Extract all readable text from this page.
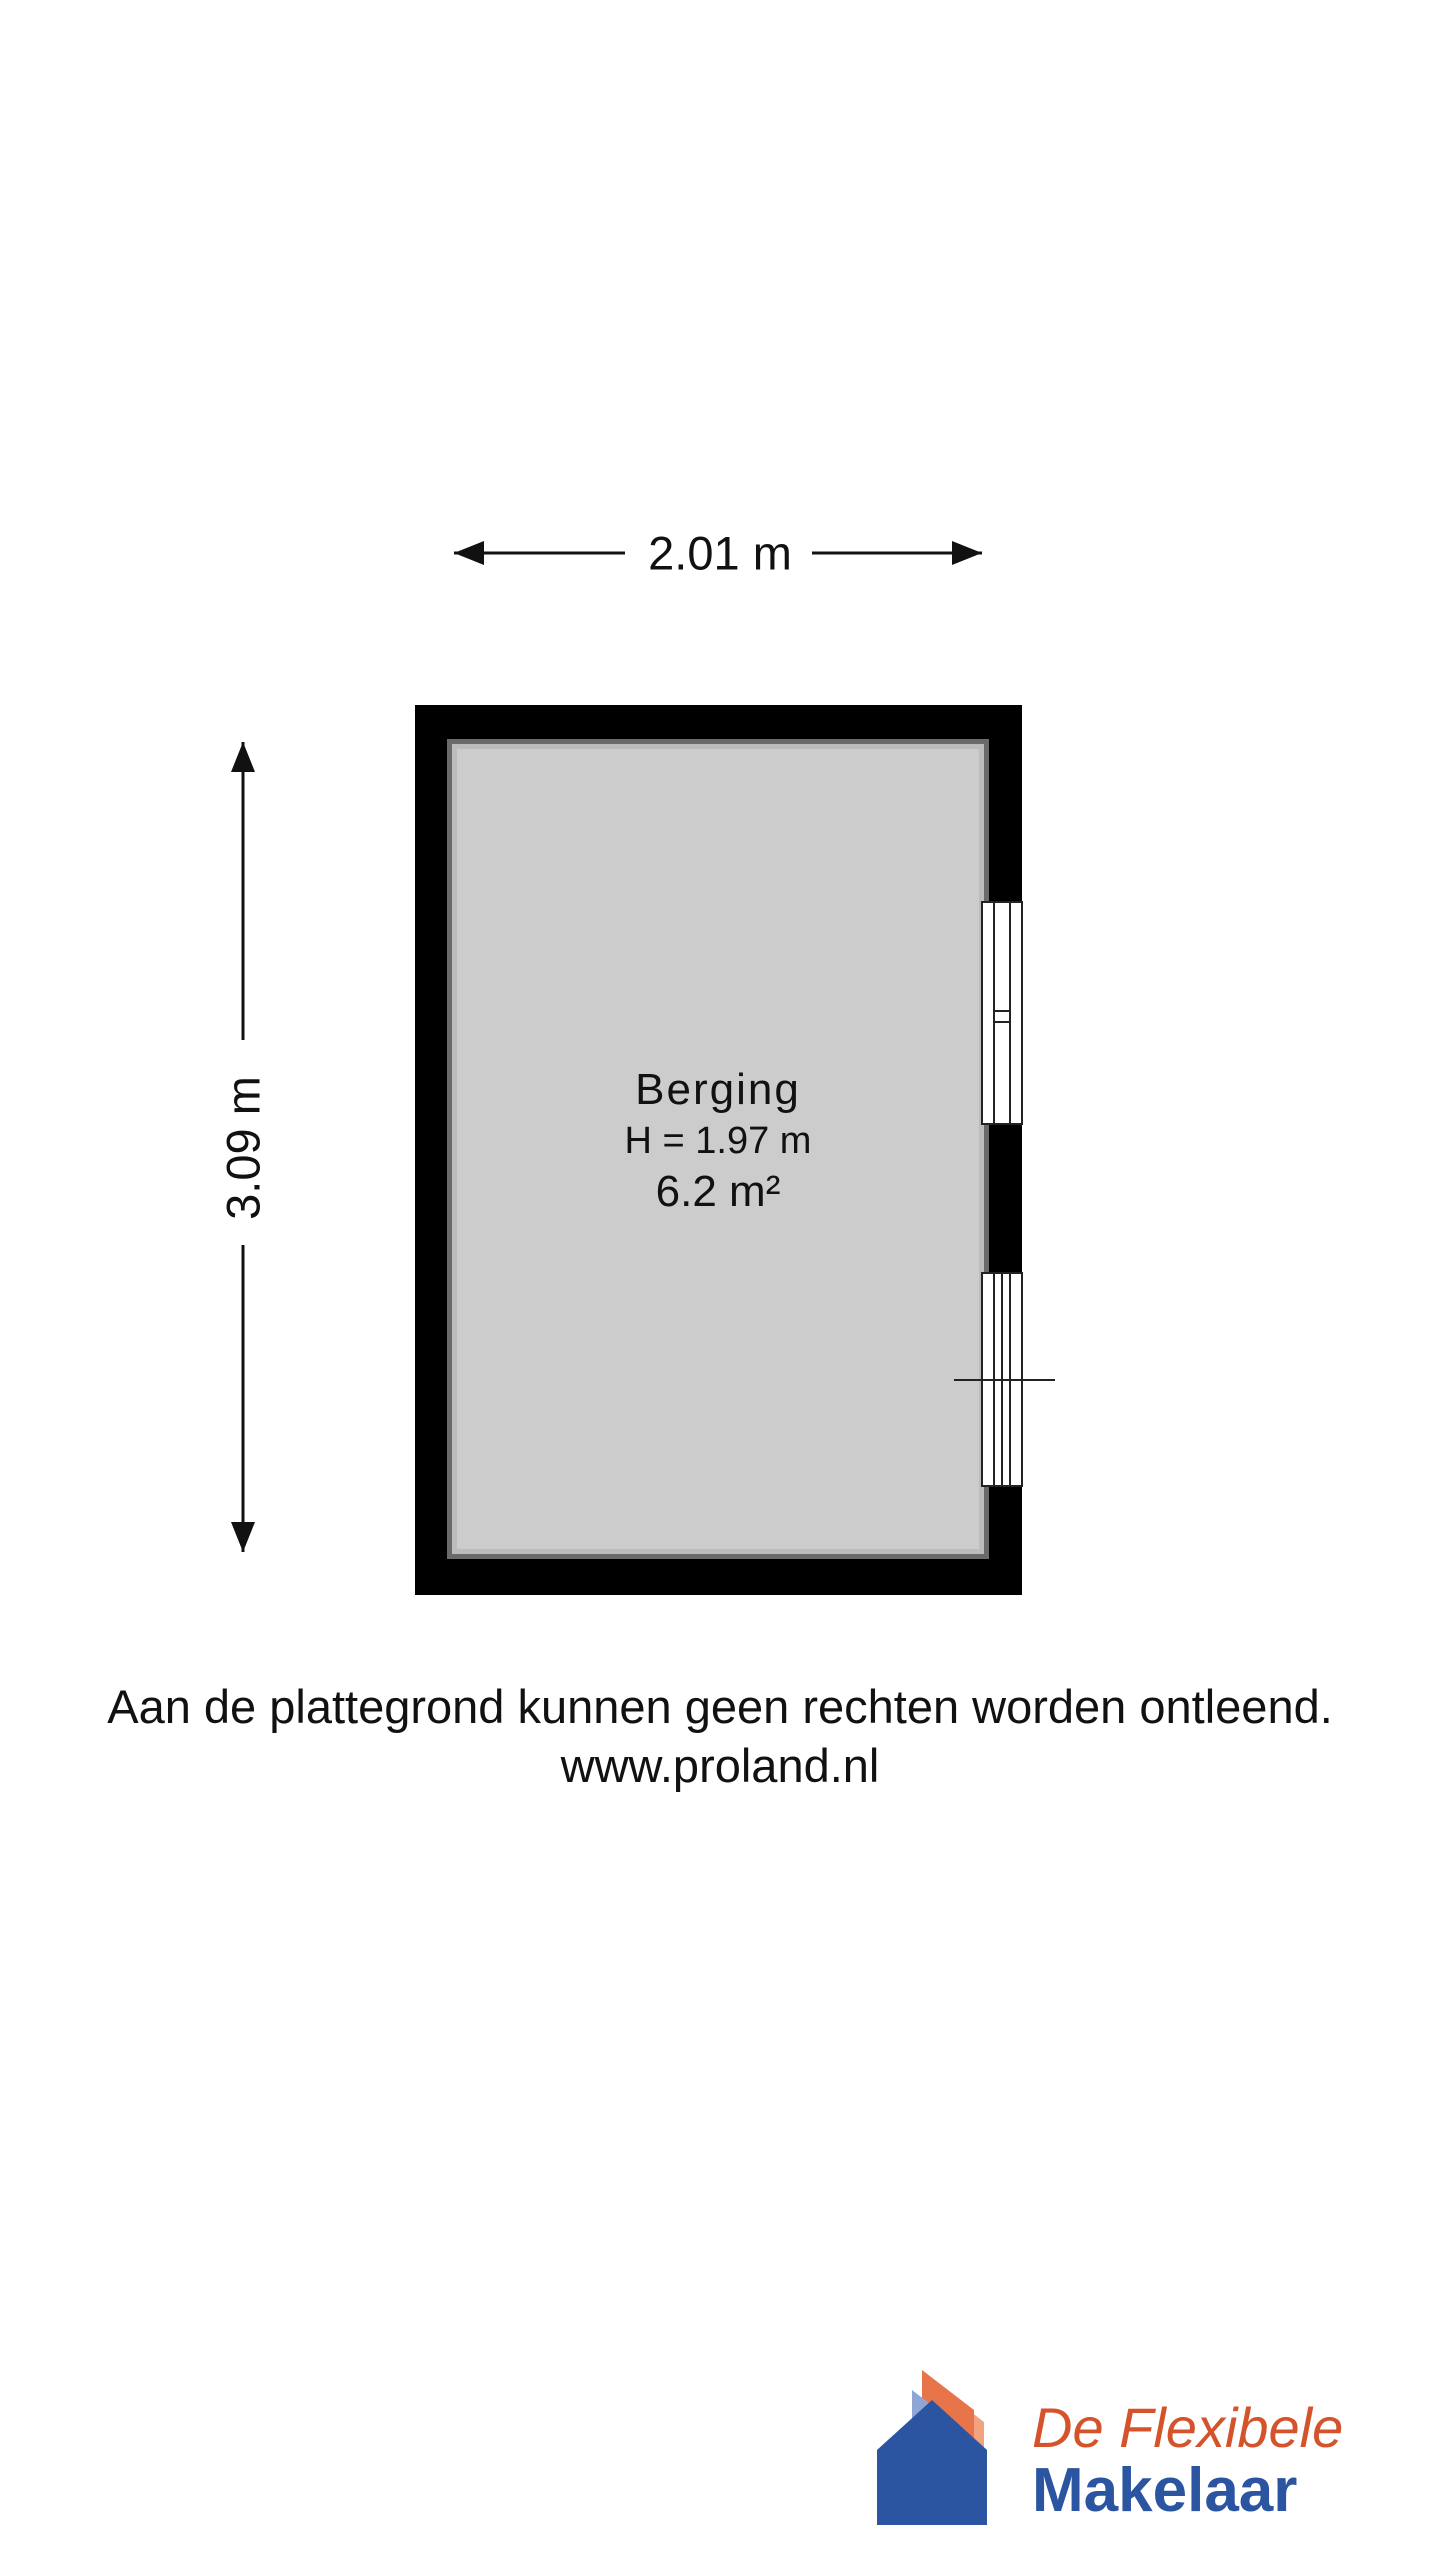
2.01 m
3.09 m	Berging
H = 1.97 m
6.2 m²
Aan de plattegrond kunnen geen rechten worden ontleend.
www.proland.nl
De Flexibele
Makelaar
